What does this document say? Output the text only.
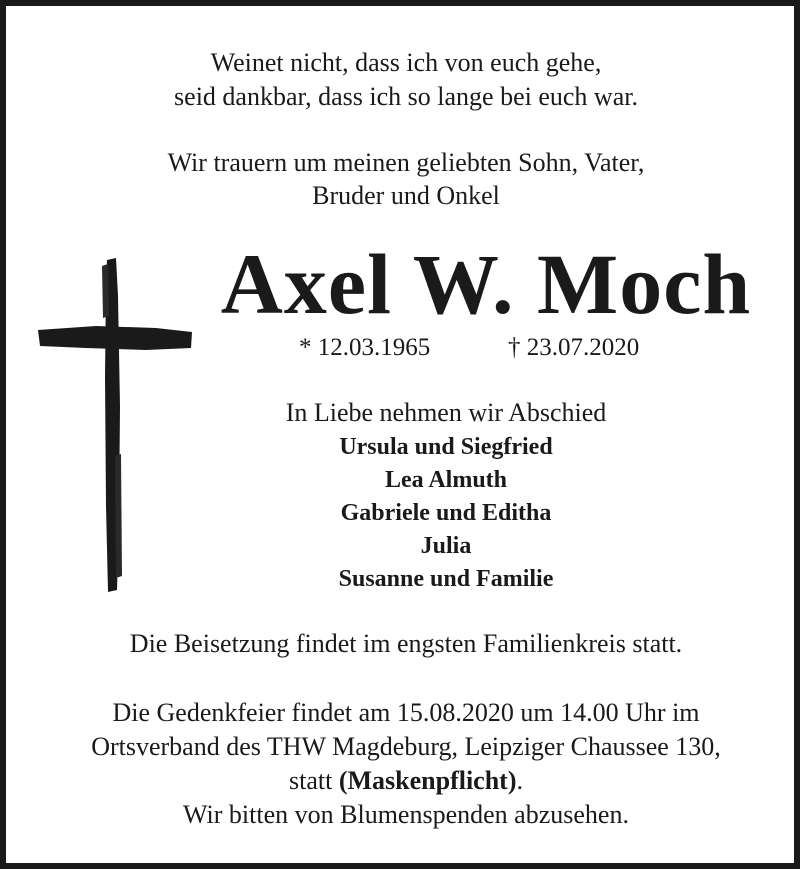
Weinet nicht, dass ich von euch gehe,
seid dankbar, dass ich so lange bei euch war.
Wir trauern um meinen geliebten Sohn, Vater,
Bruder und Onkel
Axel W. Moch
* 12.03.1965	† 23.07.2020
In Liebe nehmen wir Abschied
Ursula und Siegfried
Lea Almuth
Gabriele und Editha
Julia
Susanne und Familie
Die Beisetzung findet im engsten Familienkreis statt.
Die Gedenkfeier findet am 15.08.2020 um 14.00 Uhr im
Ortsverband des THW Magdeburg, Leipziger Chaussee 130,
statt (Maskenpflicht).
Wir bitten von Blumenspenden abzusehen.
